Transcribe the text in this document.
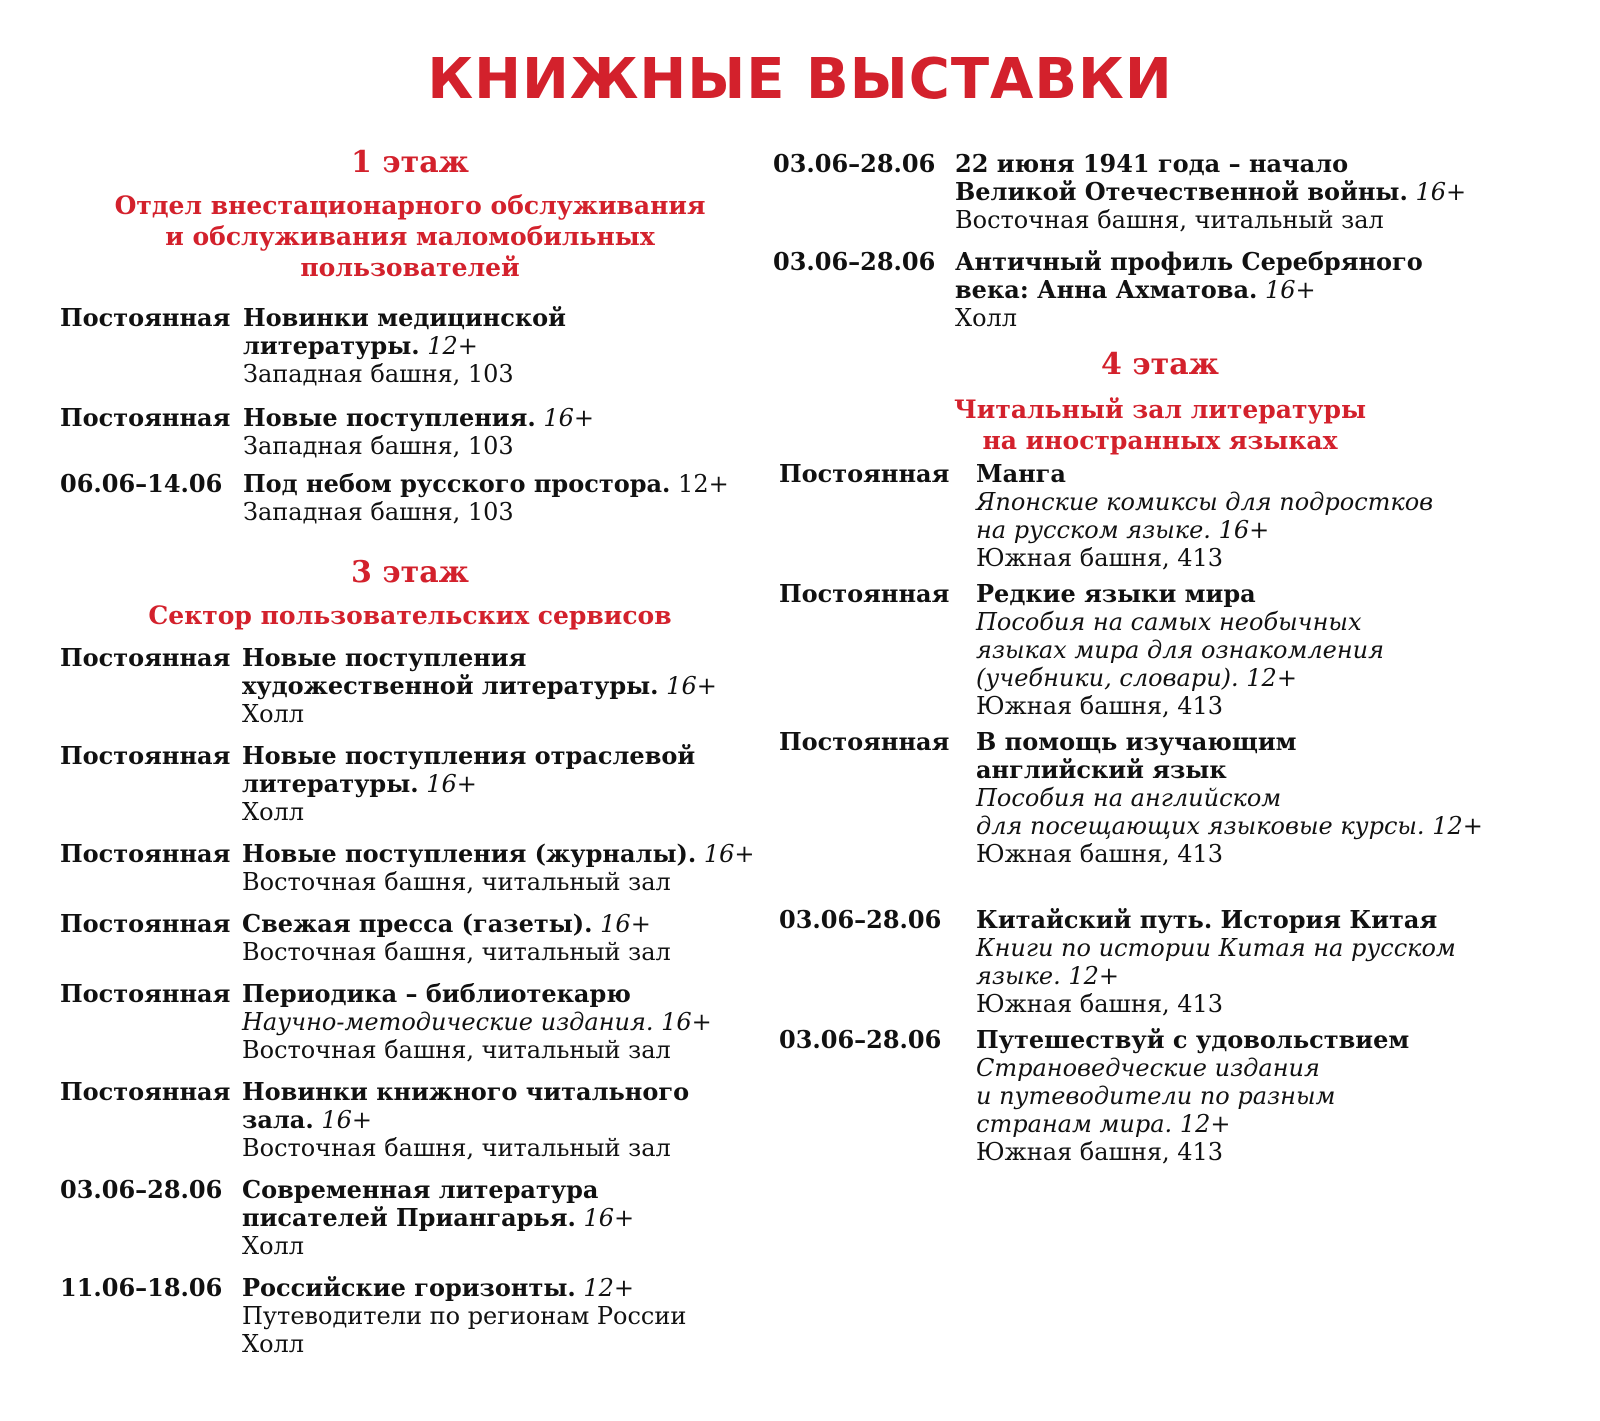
КНИЖНЫЕ ВЫСТАВКИ
1 этаж
Отдел внестационарного обслуживания
и обслуживания маломобильных
пользователей
Постоянная Новинки медицинской
литературы. 12+
Западная башня, 103
Постоянная Новые поступления. 16+
Западная башня, 103
06.06–14.06 Под небом русского простора. 12+
Западная башня, 103
3 этаж
Сектор пользовательских сервисов
Постоянная Новые поступления
художественной литературы. 16+
Холл
Постоянная Новые поступления отраслевой
литературы. 16+
Холл
Постоянная Новые поступления (журналы). 16+
Восточная башня, читальный зал
Постоянная Свежая пресса (газеты). 16+
Восточная башня, читальный зал
Постоянная Периодика – библиотекарю
Научно-методические издания. 16+
Восточная башня, читальный зал
Постоянная Новинки книжного читального
зала. 16+
Восточная башня, читальный зал
03.06–28.06 Современная литература
писателей Приангарья. 16+
Холл
11.06–18.06 Российские горизонты. 12+
Путеводители по регионам России
Холл
03.06–28.06 22 июня 1941 года – начало
Великой Отечественной войны. 16+
Восточная башня, читальный зал
03.06–28.06 Античный профиль Серебряного
века: Анна Ахматова. 16+
Холл
4 этаж
Читальный зал литературы
на иностранных языках
Постоянная Манга
Японские комиксы для подростков
на русском языке. 16+
Южная башня, 413
Постоянная Редкие языки мира
Пособия на самых необычных
языках мира для ознакомления
(учебники, словари). 12+
Южная башня, 413
Постоянная В помощь изучающим
английский язык
Пособия на английском
для посещающих языковые курсы. 12+
Южная башня, 413
03.06–28.06 Китайский путь. История Китая
Книги по истории Китая на русском
языке. 12+
Южная башня, 413
03.06–28.06 Путешествуй с удовольствием
Страноведческие издания
и путеводители по разным
странам мира. 12+
Южная башня, 413
